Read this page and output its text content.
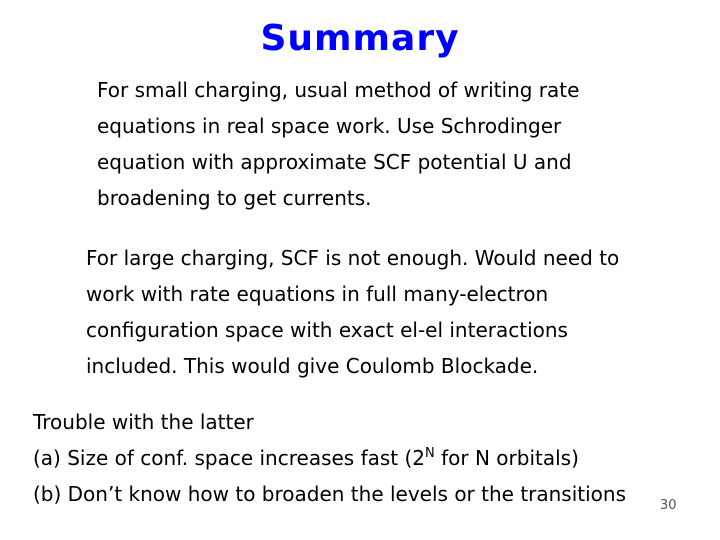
Summary
For small charging, usual method of writing rate
equations in real space work. Use Schrodinger
equation with approximate SCF potential U and
broadening to get currents.
For large charging, SCF is not enough. Would need to
work with rate equations in full many-electron
configuration space with exact el-el interactions
included. This would give Coulomb Blockade.
Trouble with the latter
(a) Size of conf. space increases fast ($2^N$ for N orbitals)
(b) Don’t know how to broaden the levels or the transitions	30
